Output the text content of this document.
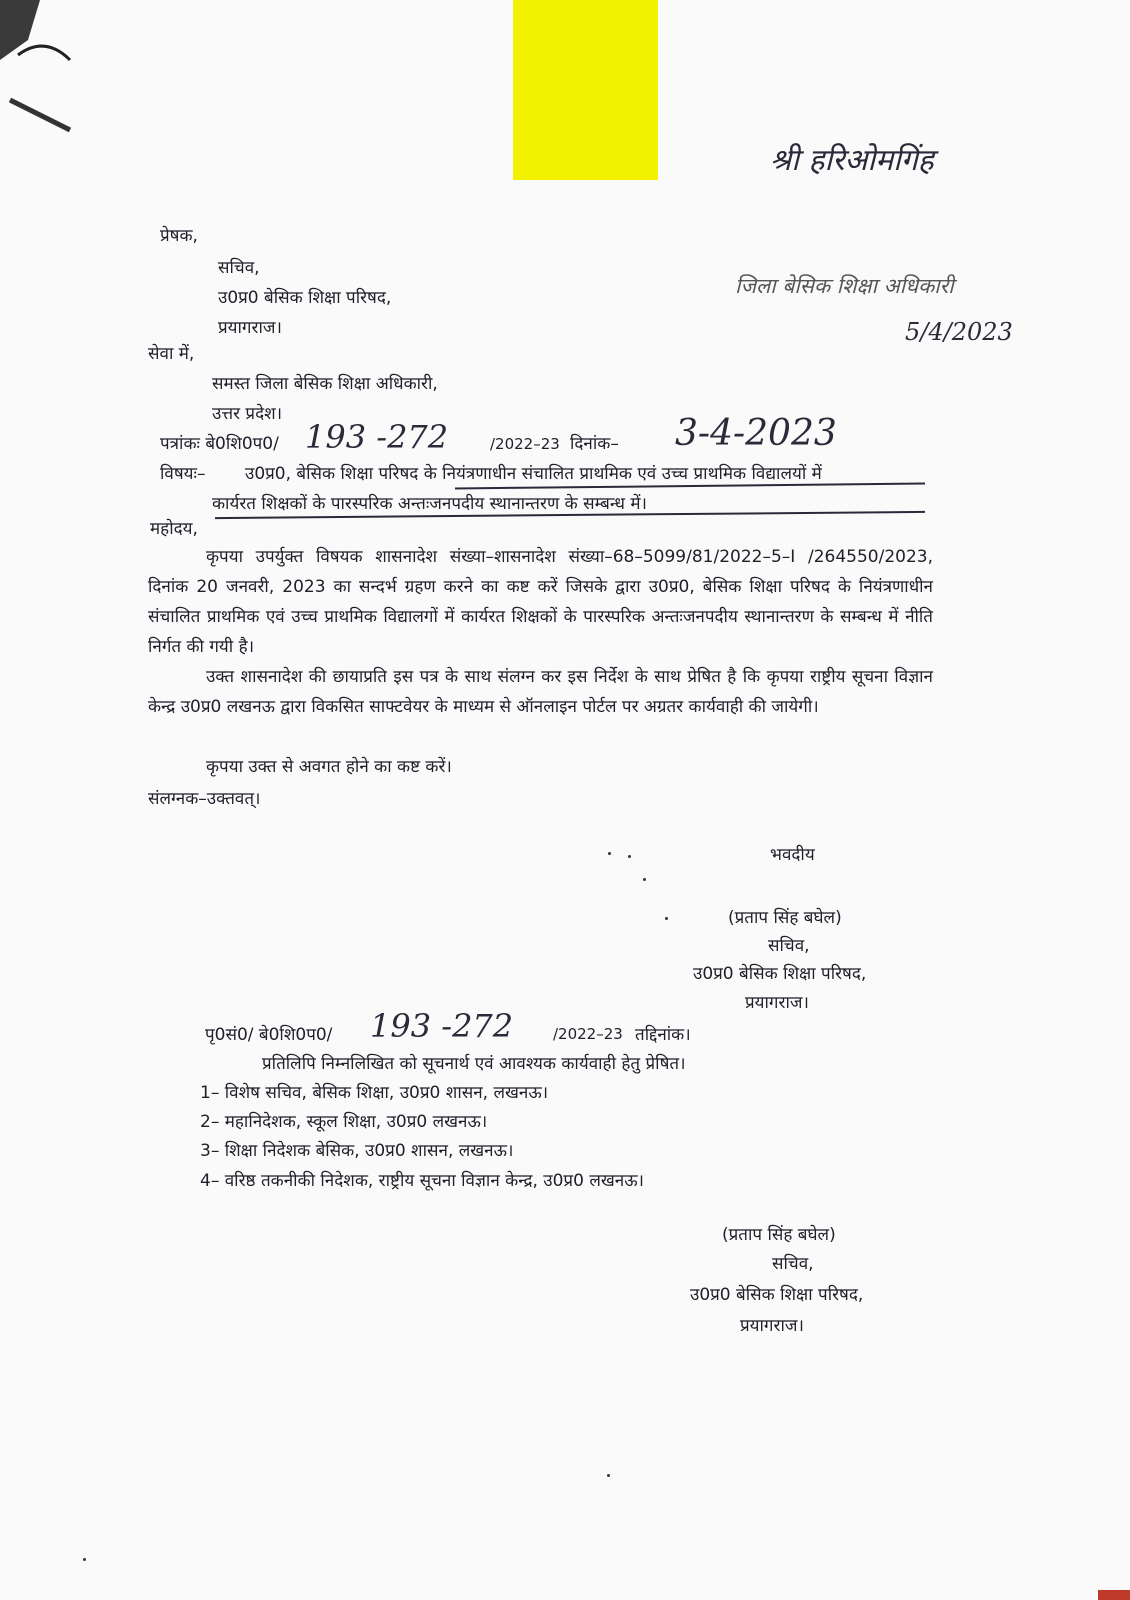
श्री हरिओमगिंह
प्रेषक,
सचिव,
उ0प्र0 बेसिक शिक्षा परिषद,
प्रयागराज।
जिला बेसिक शिक्षा अधिकारी
5/4/2023
सेवा में,
समस्त जिला बेसिक शिक्षा अधिकारी,
उत्तर प्रदेश।
पत्रांकः बे0शि0प0/ 193 -272	/2022–23 दिनांक– 3-4-2023
विषयः– उ0प्र0, बेसिक शिक्षा परिषद के नियंत्रणाधीन संचालित प्राथमिक एवं उच्च प्राथमिक विद्यालयों में
कार्यरत शिक्षकों के पारस्परिक अन्तःजनपदीय स्थानान्तरण के सम्बन्ध में।
महोदय,
कृपया उपर्युक्त विषयक शासनादेश संख्या–शासनादेश संख्या–68–5099/81/2022–5–I /264550/2023, दिनांक 20 जनवरी, 2023 का सन्दर्भ ग्रहण करने का कष्ट करें जिसके द्वारा उ0प्र0, बेसिक शिक्षा परिषद के नियंत्रणाधीन संचालित प्राथमिक एवं उच्च प्राथमिक विद्यालगों में कार्यरत शिक्षकों के पारस्परिक अन्तःजनपदीय स्थानान्तरण के सम्बन्ध में नीति निर्गत की गयी है।
उक्त शासनादेश की छायाप्रति इस पत्र के साथ संलग्न कर इस निर्देश के साथ प्रेषित है कि कृपया राष्ट्रीय सूचना विज्ञान केन्द्र उ0प्र0 लखनऊ द्वारा विकसित साफ्टवेयर के माध्यम से ऑनलाइन पोर्टल पर अग्रतर कार्यवाही की जायेगी।
कृपया उक्त से अवगत होने का कष्ट करें।
संलग्नक–उक्तवत्।
भवदीय
(प्रताप सिंह बघेल)
सचिव,
उ0प्र0 बेसिक शिक्षा परिषद,
प्रयागराज।
पृ0सं0/ बे0शि0प0/ 193 -272	/2022–23 तद्दिनांक।
प्रतिलिपि निम्नलिखित को सूचनार्थ एवं आवश्यक कार्यवाही हेतु प्रेषित।
1– विशेष सचिव, बेसिक शिक्षा, उ0प्र0 शासन, लखनऊ।
2– महानिदेशक, स्कूल शिक्षा, उ0प्र0 लखनऊ।
3– शिक्षा निदेशक बेसिक, उ0प्र0 शासन, लखनऊ।
4– वरिष्ठ तकनीकी निदेशक, राष्ट्रीय सूचना विज्ञान केन्द्र, उ0प्र0 लखनऊ।
(प्रताप सिंह बघेल)
सचिव,
उ0प्र0 बेसिक शिक्षा परिषद,
प्रयागराज।
